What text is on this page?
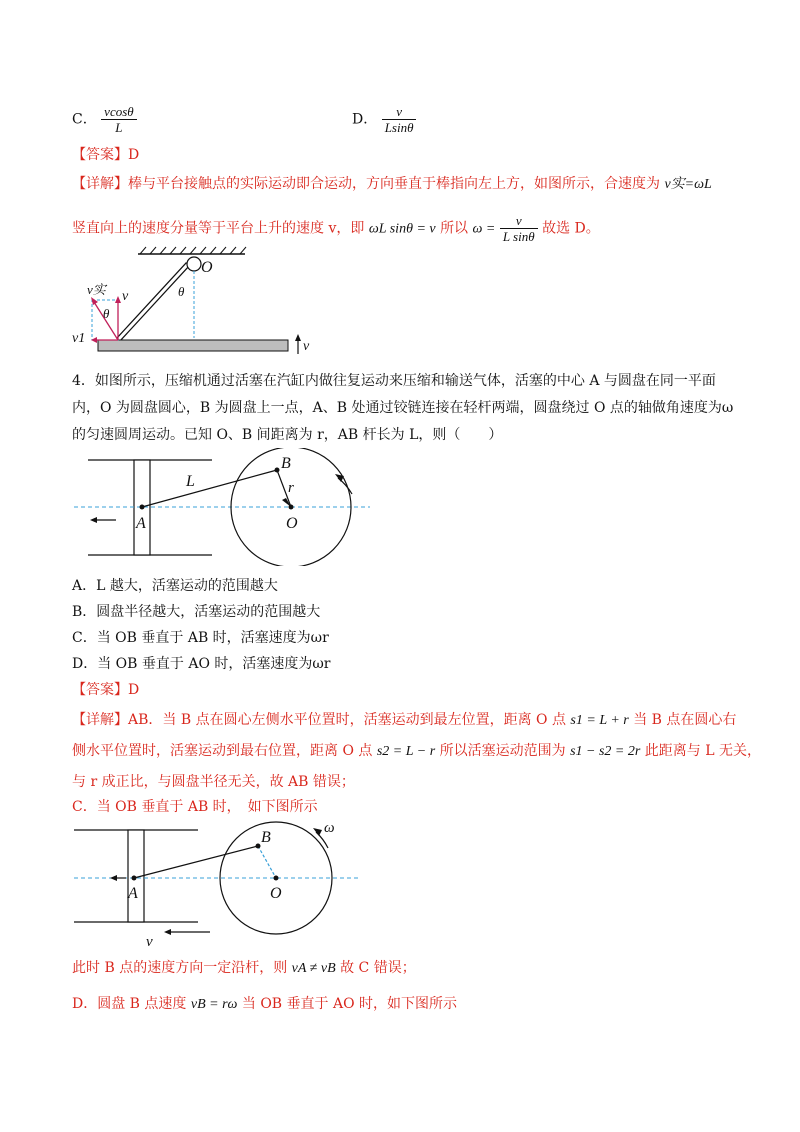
C． $\frac{vcos\theta}{L}$	D． $\frac{v}{Lsin\theta}$
【答案】D
【详解】棒与平台接触点的实际运动即合运动，方向垂直于棒指向左上方，如图所示，合速度为 v实=ωL
竖直向上的速度分量等于平台上升的速度 v，即 ωL sinθ = v 所以 $\omega = \frac{v}{\text{L sinθ}}$ 故选 D。
O
θ
v实 v
θ
v1
v
4．如图所示，压缩机通过活塞在汽缸内做往复运动来压缩和输送气体，活塞的中心 A 与圆盘在同一平面
内，O 为圆盘圆心，B 为圆盘上一点，A、B 处通过铰链连接在轻杆两端，圆盘绕过 O 点的轴做角速度为ω
的匀速圆周运动。已知 O、B 间距离为 r，AB 杆长为 L，则（　　）
B
L	r
A	O
A．L 越大，活塞运动的范围越大
B．圆盘半径越大，活塞运动的范围越大
C．当 OB 垂直于 AB 时，活塞速度为ωr
D．当 OB 垂直于 AO 时，活塞速度为ωr
【答案】D
【详解】AB．当 B 点在圆心左侧水平位置时，活塞运动到最左位置，距离 O 点 s1 = L + r 当 B 点在圆心右
侧水平位置时，活塞运动到最右位置，距离 O 点 s2 = L − r 所以活塞运动范围为 s1 − s2 = 2r 此距离与 L 无关，
与 r 成正比，与圆盘半径无关，故 AB 错误；
C．当 OB 垂直于 AB 时，　如下图所示
ω
B
A	O
v
此时 B 点的速度方向一定沿杆，则 vA ≠ vB 故 C 错误；
D．圆盘 B 点速度 vB = rω 当 OB 垂直于 AO 时，如下图所示
